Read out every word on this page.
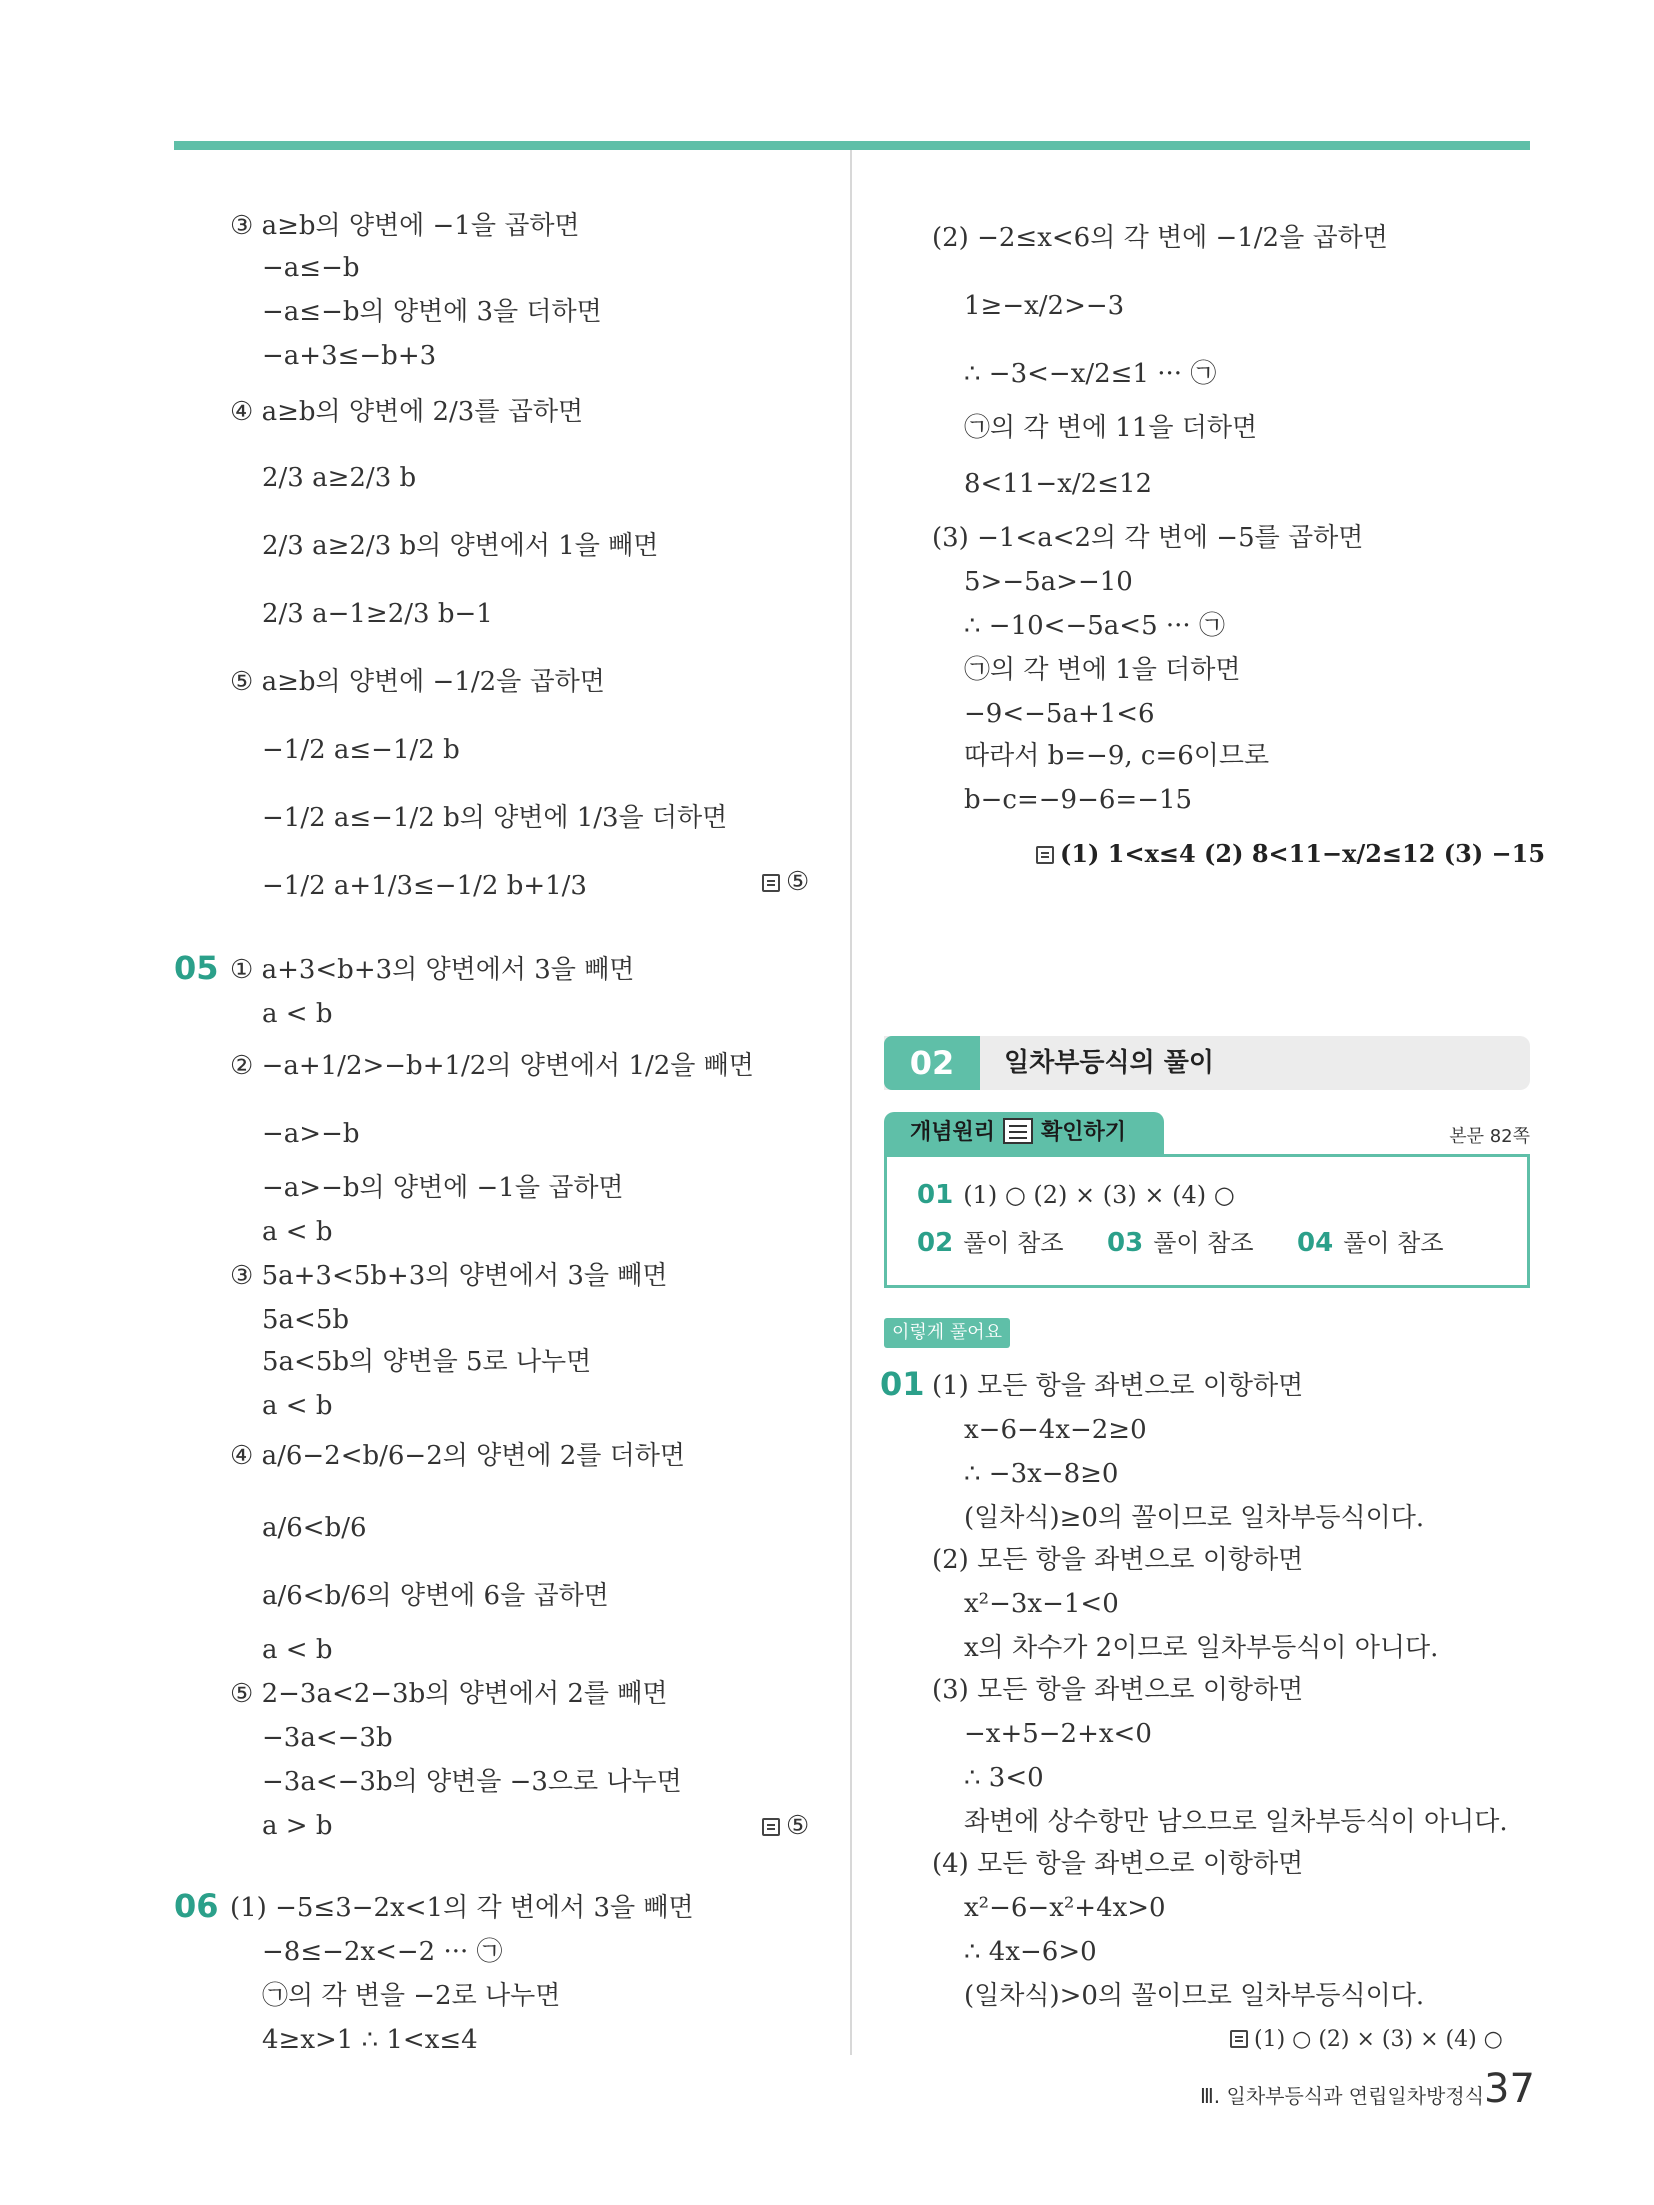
③ a≥b의 양변에 −1을 곱하면
−a≤−b
−a≤−b의 양변에 3을 더하면
−a+3≤−b+3
④ a≥b의 양변에 2/3를 곱하면
2/3 a≥2/3 b
2/3 a≥2/3 b의 양변에서 1을 빼면
2/3 a−1≥2/3 b−1
⑤ a≥b의 양변에 −1/2을 곱하면
−1/2 a≤−1/2 b
−1/2 a≤−1/2 b의 양변에 1/3을 더하면
−1/2 a+1/3≤−1/2 b+1/3	⑤
05 ① a+3<b+3의 양변에서 3을 빼면
a < b
② −a+1/2>−b+1/2의 양변에서 1/2을 빼면
−a>−b
−a>−b의 양변에 −1을 곱하면
a < b
③ 5a+3<5b+3의 양변에서 3을 빼면
5a<5b
5a<5b의 양변을 5로 나누면
a < b
④ a/6−2<b/6−2의 양변에 2를 더하면
a/6<b/6
a/6<b/6의 양변에 6을 곱하면
a < b
⑤ 2−3a<2−3b의 양변에서 2를 빼면
−3a<−3b
−3a<−3b의 양변을 −3으로 나누면
a > b	⑤
06 (1) −5≤3−2x<1의 각 변에서 3을 빼면
−8≤−2x<−2 ··· ㉠
㉠의 각 변을 −2로 나누면
4≥x>1 ∴ 1<x≤4
(2) −2≤x<6의 각 변에 −1/2을 곱하면
1≥−x/2>−3
∴ −3<−x/2≤1 ··· ㉠
㉠의 각 변에 11을 더하면
8<11−x/2≤12
(3) −1<a<2의 각 변에 −5를 곱하면
5>−5a>−10
∴ −10<−5a<5 ··· ㉠
㉠의 각 변에 1을 더하면
−9<−5a+1<6
따라서 b=−9, c=6이므로
b−c=−9−6=−15
(1) 1<x≤4 (2) 8<11−x/2≤12 (3) −15
02	일차부등식의 풀이
개념원리 확인하기	본문 82쪽
01 (1) ○ (2) × (3) × (4) ○
02 풀이 참조 03 풀이 참조 04 풀이 참조
이렇게 풀어요
01 (1) 모든 항을 좌변으로 이항하면
x−6−4x−2≥0
∴ −3x−8≥0
(일차식)≥0의 꼴이므로 일차부등식이다.
(2) 모든 항을 좌변으로 이항하면
x²−3x−1<0
x의 차수가 2이므로 일차부등식이 아니다.
(3) 모든 항을 좌변으로 이항하면
−x+5−2+x<0
∴ 3<0
좌변에 상수항만 남으므로 일차부등식이 아니다.
(4) 모든 항을 좌변으로 이항하면
x²−6−x²+4x>0
∴ 4x−6>0
(일차식)>0의 꼴이므로 일차부등식이다.
(1) ○ (2) × (3) × (4) ○
Ⅲ. 일차부등식과 연립일차방정식 37
